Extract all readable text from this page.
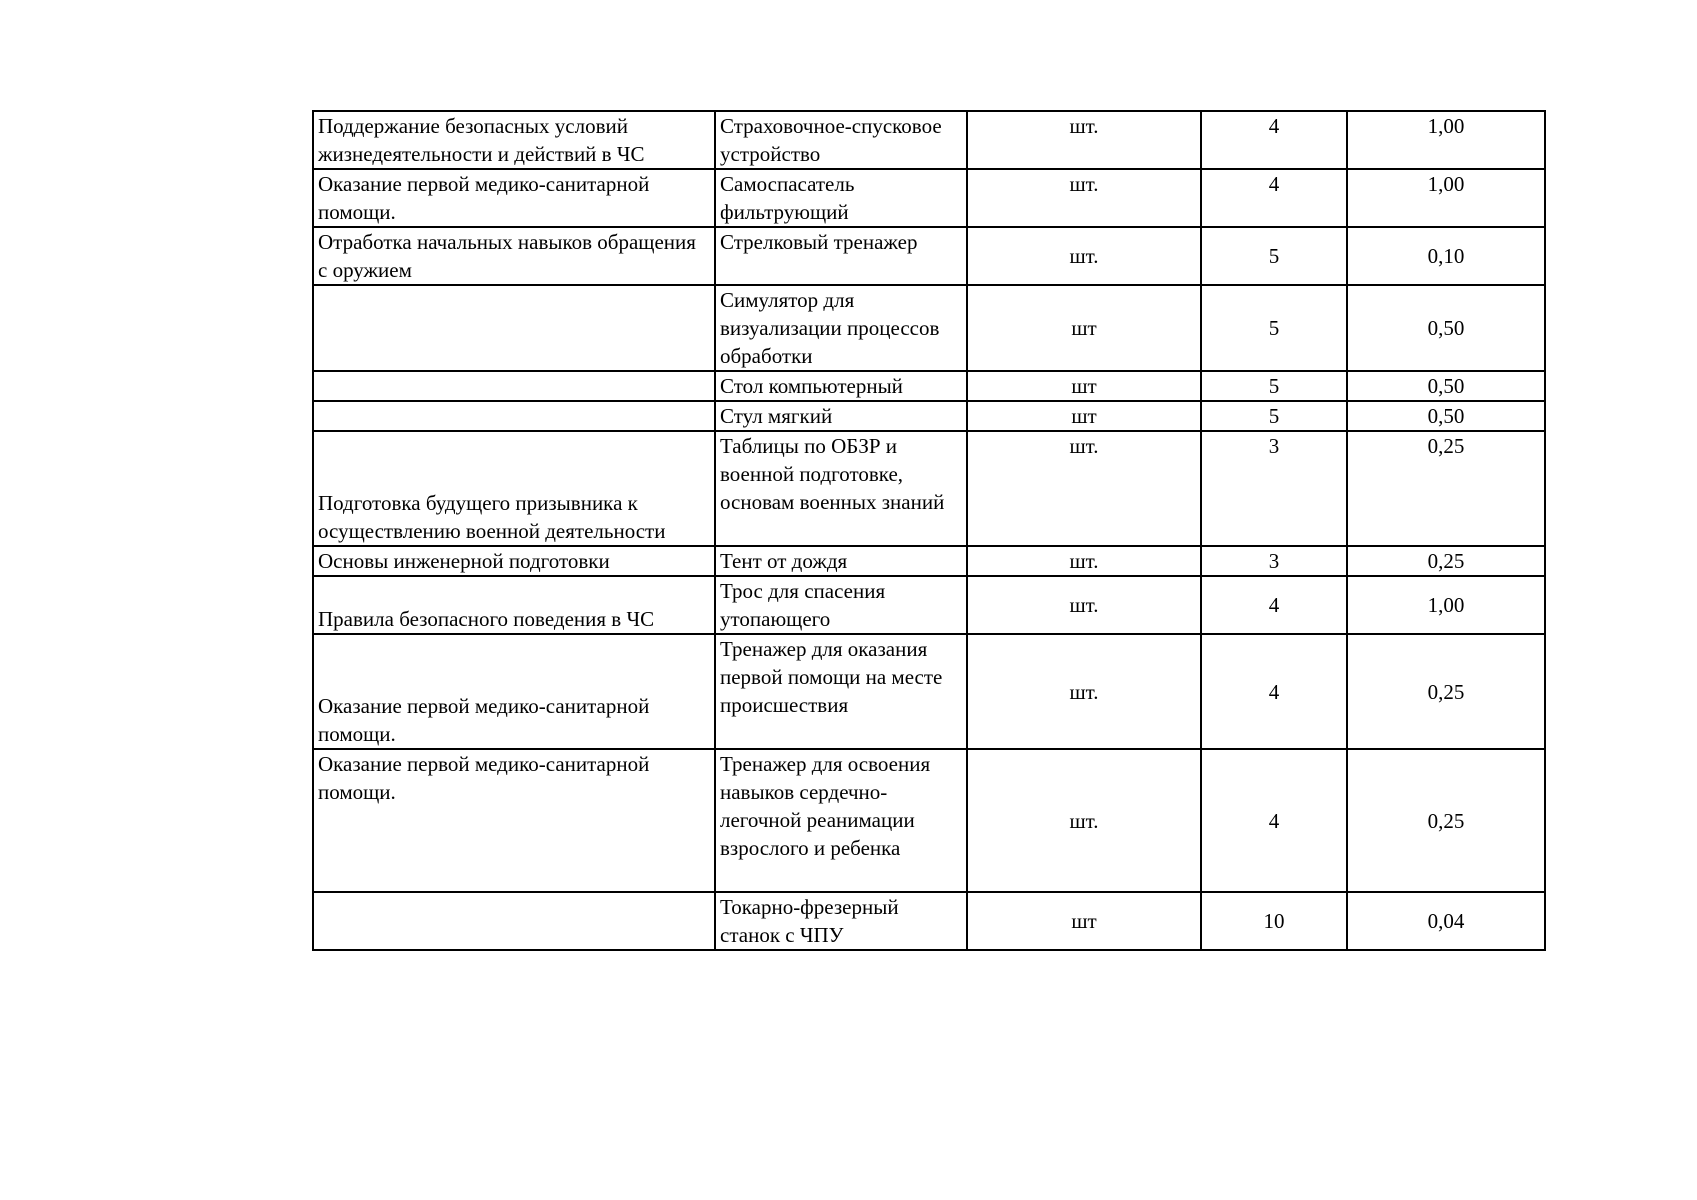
Поддержание безопасных условий жизнедеятельности и действий в ЧС	Страховочное-спусковое устройство	шт.	4	1,00
Оказание первой медико-санитарной помощи.	Самоспасатель фильтрующий	шт.	4	1,00
Отработка начальных навыков обращения с оружием	Стрелковый тренажер	шт.	5	0,10
	Симулятор для визуализации процессов обработки	шт	5	0,50
	Стол компьютерный	шт	5	0,50
	Стул мягкий	шт	5	0,50
Подготовка будущего призывника к осуществлению военной деятельности	Таблицы по ОБЗР и военной подготовке, основам военных знаний	шт.	3	0,25
Основы инженерной подготовки	Тент от дождя	шт.	3	0,25
Правила безопасного поведения в ЧС	Трос для спасения утопающего	шт.	4	1,00
Оказание первой медико-санитарной помощи.	Тренажер для оказания первой помощи на месте происшествия	шт.	4	0,25
Оказание первой медико-санитарной помощи.	Тренажер для освоения навыков сердечно-легочной реанимации взрослого и ребенка	шт.	4	0,25
	Токарно-фрезерный станок с ЧПУ	шт	10	0,04
